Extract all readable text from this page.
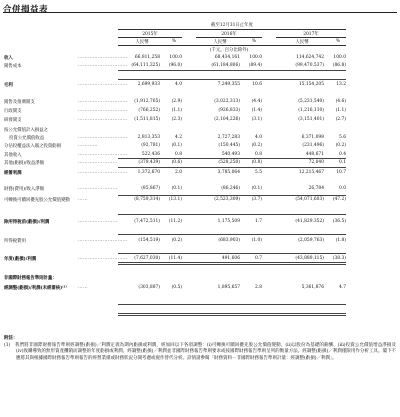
合併損益表
截至12月31日止年度
2015年	2016年	2017年
人民幣	%	人民幣	%	人民幣	%
(千元，百分比除外)
收入	…………………………	66,811,258	100.0	68,434,161	100.0	114,624,742	100.0
銷售成本	………………………… (64,111,325)	(96.0)	(61,184,806)	(89.4)	(99,470,537)	(86.8)
毛利	…………………………	2,699,933	4.0	7,249,355	10.6	15,154,205	13.2
銷售及推廣開支	…………………………	(1,912,765)	(2.9)	(3,022,313)	(4.4)	(5,231,540)	(4.6)
行政開支	…………………………	(766,252)	(1.1)	(926,833)	(1.4)	(1,216,110)	(1.1)
研發開支	…………………………	(1,511,815)	(2.3)	(2,104,226)	(3.1)	(3,151,401)	(2.7)
按公允價值計入損益之
投資公允價值收益	…………………………	2,813,353	4.2	2,727,283	4.0	6,371,098	5.6
分佔投權益法入賬之投資虧損	…………	(92,781)	(0.1)	(150,445)	(0.2)	(231,496)	(0.2)
其他收入	…………………………	522,436	0.8	540,493	0.8	448,671	0.4
其他(虧損)/收益淨額	……………………	(379,439)	(0.6)	(528,250)	(0.8)	72,040	0.1
經營利潤	…………………………	1,372,670	2.0	3,785,064	5.5	12,215,467	10.7
財務(費用)/收入淨額	……………………	(85,867)	(0.1)	(86,246)	(0.1)	26,784	0.0
可轉換可贖回優先股公允價值變動 ……	(8,759,314)	(13.1)	(2,523,309)	(3.7)	(54,071,603)	(47.2)
除所得稅前(虧損)/利潤	……………………	(7,472,511)	(11.2)	1,175,509	1.7	(41,829,352)	(36.5)
所得稅費用	…………………………	(154,519)	(0.2)	(683,903)	(1.0)	(2,059,763)	(1.8)
年度(虧損)/利潤	…………………………	(7,627,030)	(11.4)	491,606	0.7	(43,889,115)	(38.3)
非國際財務報告準則計量：
經調整(虧損)/利潤(未經審核)⁽¹⁾	……	(303,887)	(0.5)	1,895,657	2.8	5,361,876	4.7
附註：
(1)　我們將非國際財務報告準則經調整(虧損)／利潤定義為期內虧損或利潤，經加回以下各項調整：(i)可轉換可贖回優先股公允價值變動、(ii)以股份為基礎的薪酬、(iii)投資公允價值增益淨損及(iv)收購導致的無形資產攤銷而調整的年度虧損或利潤。經調整(虧損)／利潤並非國際財務報告準則要求或按國際財務報告準則呈列的衡量方法。經調整(虧損)／利潤僅限用作分析工具。閣下不應將其與根據國際財務報告準則報告的經營業績或財務狀況分開考慮或視作替代分析。詳情請參閱「財務資料－非國際財務報告準則計量：經調整(虧損)／利潤」。
